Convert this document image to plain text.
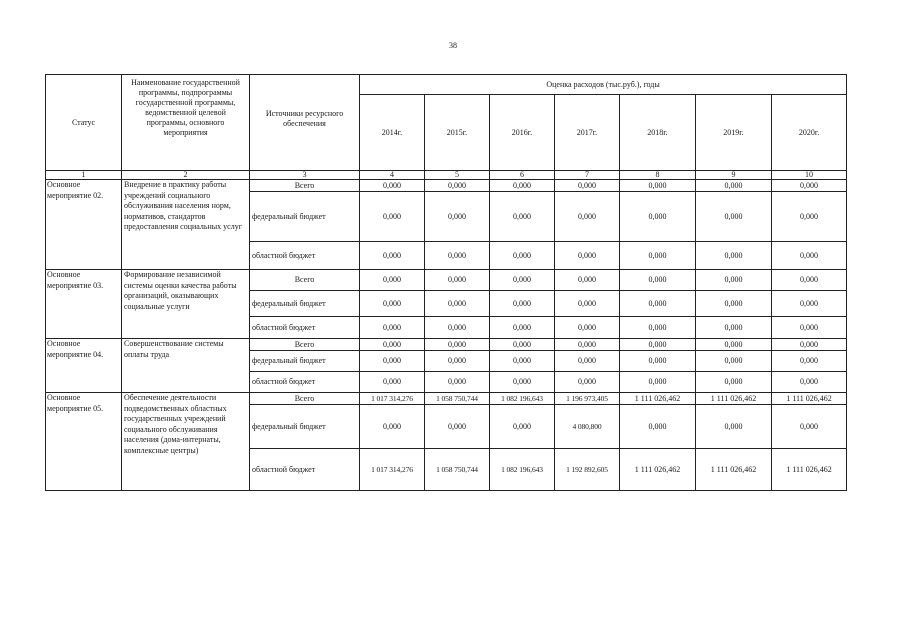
38
Статус	Наименование государственной программы, подпрограммы государственной программы, ведомственной целевой программы, основного мероприятия	Источники ресурсного обеспечения	Оценка расходов (тыс.руб.), годы						
			2014г.	2015г.	2016г.	2017г.	2018г.	2019г.	2020г.
1	2	3	4	5	6	7	8	9	10
Основное мероприятие 02.	Внедрение в практику работы учреждений социального обслуживания населения норм, нормативов, стандартов предоставления социальных услуг	Всего	0,000	0,000	0,000	0,000	0,000	0,000	0,000
		федеральный бюджет	0,000	0,000	0,000	0,000	0,000	0,000	0,000
		областной бюджет	0,000	0,000	0,000	0,000	0,000	0,000	0,000
Основное мероприятие 03.	Формирование независимой системы оценки качества работы организаций, оказывающих социальные услуги	Всего	0,000	0,000	0,000	0,000	0,000	0,000	0,000
		федеральный бюджет	0,000	0,000	0,000	0,000	0,000	0,000	0,000
		областной бюджет	0,000	0,000	0,000	0,000	0,000	0,000	0,000
Основное мероприятие 04.	Совершенствование системы оплаты труда	Всего	0,000	0,000	0,000	0,000	0,000	0,000	0,000
		федеральный бюджет	0,000	0,000	0,000	0,000	0,000	0,000	0,000
		областной бюджет	0,000	0,000	0,000	0,000	0,000	0,000	0,000
Основное мероприятие 05.	Обеспечение деятельности подведомственных областных государственных учреждений социального обслуживания населения (дома-интернаты, комплексные центры)	Всего	1 017 314,276	1 058 750,744	1 082 196,643	1 196 973,405	1 111 026,462	1 111 026,462	1 111 026,462
		федеральный бюджет	0,000	0,000	0,000	4 080,800	0,000	0,000	0,000
		областной бюджет	1 017 314,276	1 058 750,744	1 082 196,643	1 192 892,605	1 111 026,462	1 111 026,462	1 111 026,462
